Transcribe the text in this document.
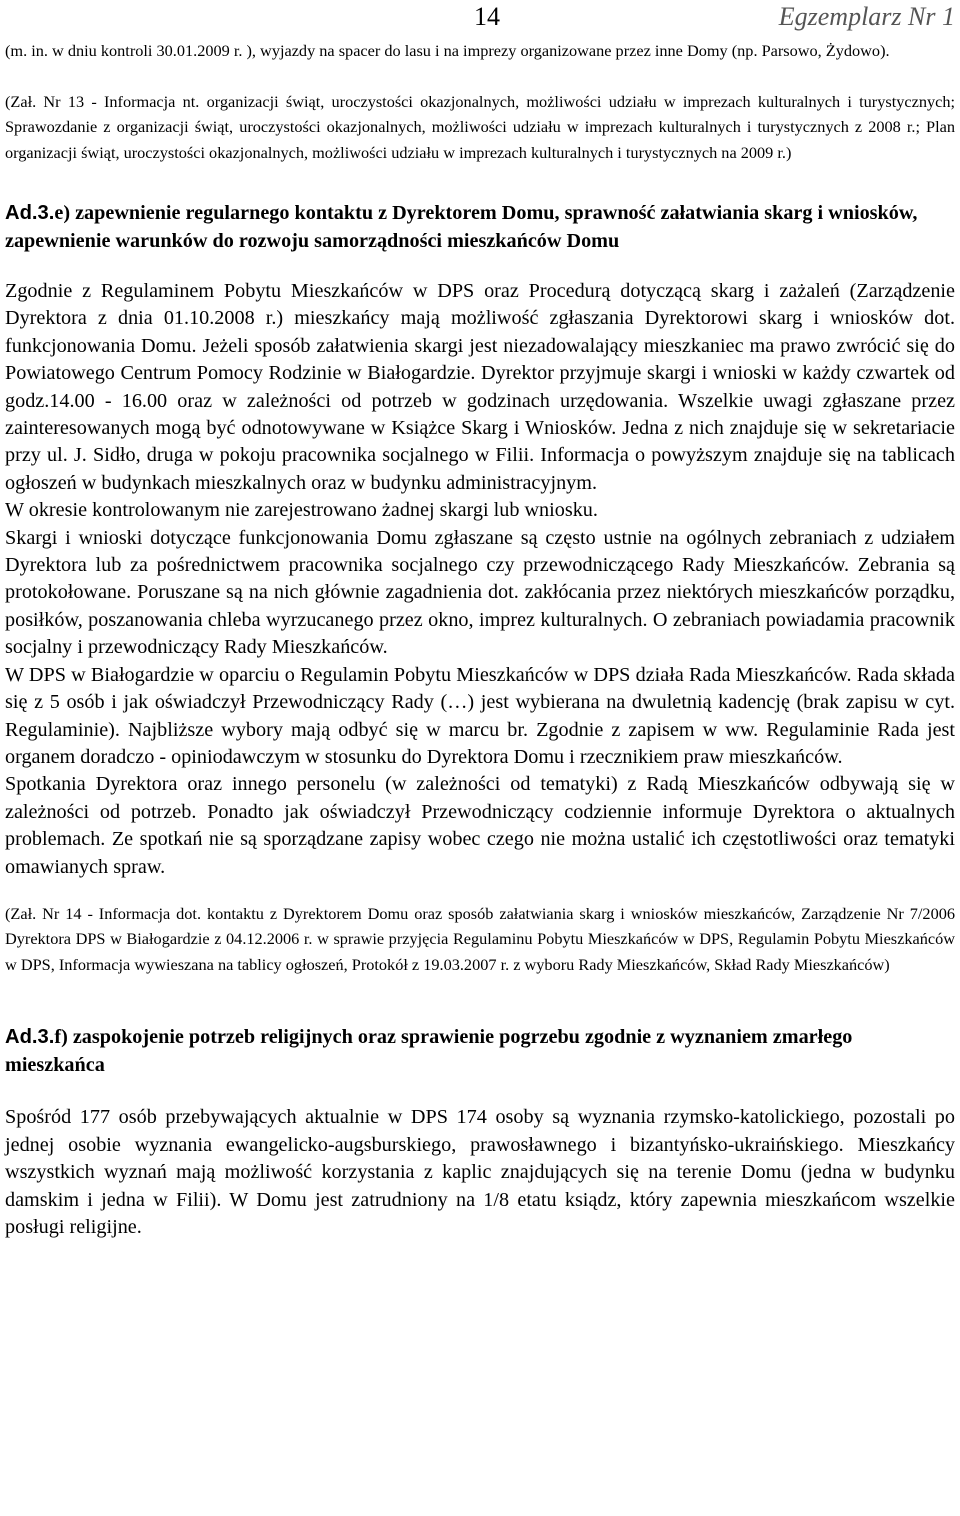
14	Egzemplarz Nr 1

(m. in. w dniu kontroli 30.01.2009 r. ), wyjazdy na spacer do lasu i na imprezy organizowane przez inne Domy (np. Parsowo, Żydowo).

(Zał. Nr 13 - Informacja nt. organizacji świąt, uroczystości okazjonalnych, możliwości udziału w imprezach kulturalnych i turystycznych; Sprawozdanie z organizacji świąt, uroczystości okazjonalnych, możliwości udziału w imprezach kulturalnych i turystycznych z 2008 r.; Plan organizacji świąt, uroczystości okazjonalnych, możliwości udziału w imprezach kulturalnych i turystycznych na 2009 r.)

Ad.3.e) zapewnienie regularnego kontaktu z Dyrektorem Domu, sprawność załatwiania skarg i wniosków, zapewnienie warunków do rozwoju samorządności mieszkańców Domu

Zgodnie z Regulaminem Pobytu Mieszkańców w DPS oraz Procedurą dotyczącą skarg i zażaleń (Zarządzenie Dyrektora z dnia 01.10.2008 r.) mieszkańcy mają możliwość zgłaszania Dyrektorowi skarg i wniosków dot. funkcjonowania Domu. Jeżeli sposób załatwienia skargi jest niezadowalający mieszkaniec ma prawo zwrócić się do Powiatowego Centrum Pomocy Rodzinie w Białogardzie. Dyrektor przyjmuje skargi i wnioski w każdy czwartek od godz.14.00 - 16.00 oraz w zależności od potrzeb w godzinach urzędowania. Wszelkie uwagi zgłaszane przez zainteresowanych mogą być odnotowywane w Książce Skarg i Wniosków. Jedna z nich znajduje się w sekretariacie przy ul. J. Sidło, druga w pokoju pracownika socjalnego w Filii. Informacja o powyższym znajduje się na tablicach ogłoszeń w budynkach mieszkalnych oraz w budynku administracyjnym.

W okresie kontrolowanym nie zarejestrowano żadnej skargi lub wniosku.

Skargi i wnioski dotyczące funkcjonowania Domu zgłaszane są często ustnie na ogólnych zebraniach z udziałem Dyrektora lub za pośrednictwem pracownika socjalnego czy przewodniczącego Rady Mieszkańców. Zebrania są protokołowane. Poruszane są na nich głównie zagadnienia dot. zakłócania przez niektórych mieszkańców porządku, posiłków, poszanowania chleba wyrzucanego przez okno, imprez kulturalnych. O zebraniach powiadamia pracownik socjalny i przewodniczący Rady Mieszkańców.

W DPS w Białogardzie w oparciu o Regulamin Pobytu Mieszkańców w DPS działa Rada Mieszkańców. Rada składa się z 5 osób i jak oświadczył Przewodniczący Rady (…) jest wybierana na dwuletnią kadencję (brak zapisu w cyt. Regulaminie). Najbliższe wybory mają odbyć się w marcu br. Zgodnie z zapisem w ww. Regulaminie Rada jest organem doradczo - opiniodawczym w stosunku do Dyrektora Domu i rzecznikiem praw mieszkańców.

Spotkania Dyrektora oraz innego personelu (w zależności od tematyki) z Radą Mieszkańców odbywają się w zależności od potrzeb. Ponadto jak oświadczył Przewodniczący codziennie informuje Dyrektora o aktualnych problemach. Ze spotkań nie są sporządzane zapisy wobec czego nie można ustalić ich częstotliwości oraz tematyki omawianych spraw.

(Zał. Nr 14 - Informacja dot. kontaktu z Dyrektorem Domu oraz sposób załatwiania skarg i wniosków mieszkańców, Zarządzenie Nr 7/2006 Dyrektora DPS w Białogardzie z 04.12.2006 r. w sprawie przyjęcia Regulaminu Pobytu Mieszkańców w DPS, Regulamin Pobytu Mieszkańców w DPS, Informacja wywieszana na tablicy ogłoszeń, Protokół z 19.03.2007 r. z wyboru Rady Mieszkańców, Skład Rady Mieszkańców)

Ad.3.f) zaspokojenie potrzeb religijnych oraz sprawienie pogrzebu zgodnie z wyznaniem zmarłego mieszkańca

Spośród 177 osób przebywających aktualnie w DPS 174 osoby są wyznania rzymsko-katolickiego, pozostali po jednej osobie wyznania ewangelicko-augsburskiego, prawosławnego i bizantyńsko-ukraińskiego. Mieszkańcy wszystkich wyznań mają możliwość korzystania z kaplic znajdujących się na terenie Domu (jedna w budynku damskim i jedna w Filii). W Domu jest zatrudniony na 1/8 etatu ksiądz, który zapewnia mieszkańcom wszelkie posługi religijne.
